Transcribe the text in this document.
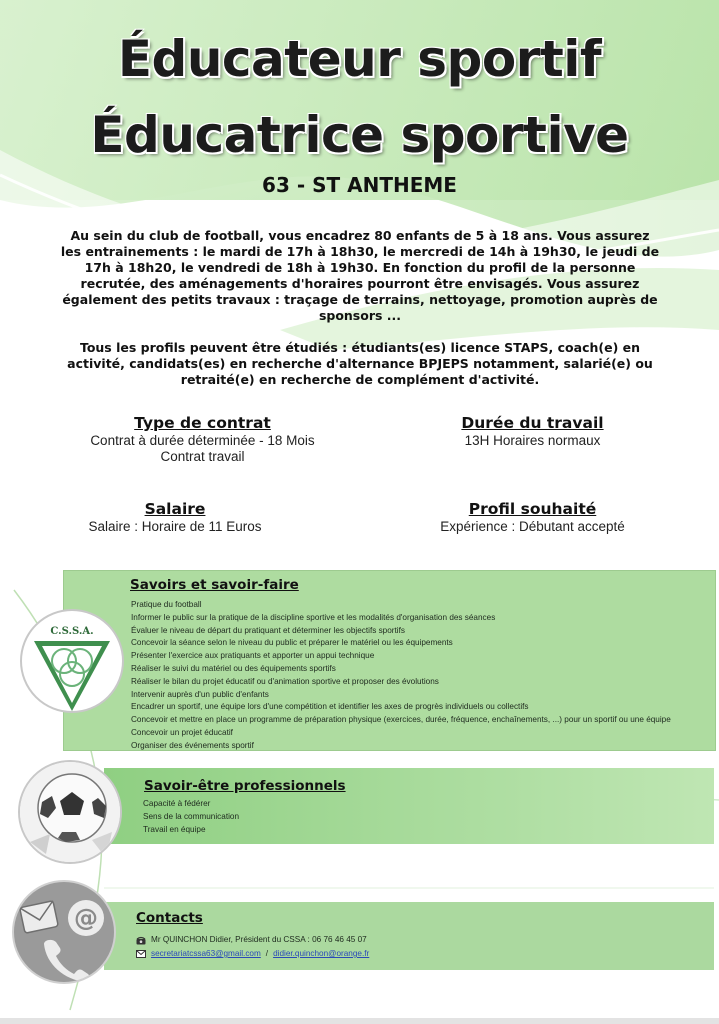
Éducateur sportif
Éducatrice sportive
63 - ST ANTHEME

Au sein du club de football, vous encadrez 80 enfants de 5 à 18 ans. Vous assurez les entrainements : le mardi de 17h à 18h30, le mercredi de 14h à 19h30, le jeudi de 17h à 18h20, le vendredi de 18h à 19h30. En fonction du profil de la personne recrutée, des aménagements d'horaires pourront être envisagés. Vous assurez également des petits travaux : traçage de terrains, nettoyage, promotion auprès de sponsors ...

Tous les profils peuvent être étudiés : étudiants(es) licence STAPS, coach(e) en activité, candidats(es) en recherche d'alternance BPJEPS notamment, salarié(e) ou retraité(e) en recherche de complément d'activité.

Type de contrat
Contrat à durée déterminée - 18 Mois
Contrat travail
Durée du travail
13H Horaires normaux
Salaire
Salaire : Horaire de 11 Euros
Profil souhaité
Expérience : Débutant accepté
Savoirs et savoir-faire
Pratique du football
Informer le public sur la pratique de la discipline sportive et les modalités d'organisation des séances
Évaluer le niveau de départ du pratiquant et déterminer les objectifs sportifs
Concevoir la séance selon le niveau du public et préparer le matériel ou les équipements
Présenter l'exercice aux pratiquants et apporter un appui technique
Réaliser le suivi du matériel ou des équipements sportifs
Réaliser le bilan du projet éducatif ou d'animation sportive et proposer des évolutions
Intervenir auprès d'un public d'enfants
Encadrer un sportif, une équipe lors d'une compétition et identifier les axes de progrès individuels ou collectifs
Concevoir et mettre en place un programme de préparation physique (exercices, durée, fréquence, enchaînements, ...) pour un sportif ou une équipe
Concevoir un projet éducatif
Organiser des événements sportif
Savoir-être professionnels
Capacité à fédérer
Sens de la communication
Travail en équipe
Contacts
Mr QUINCHON Didier, Président du CSSA : 06 76 46 45 07
secretariatcssa63@gmail.com / didier.quinchon@orange.fr
C.S.S.A.
@
